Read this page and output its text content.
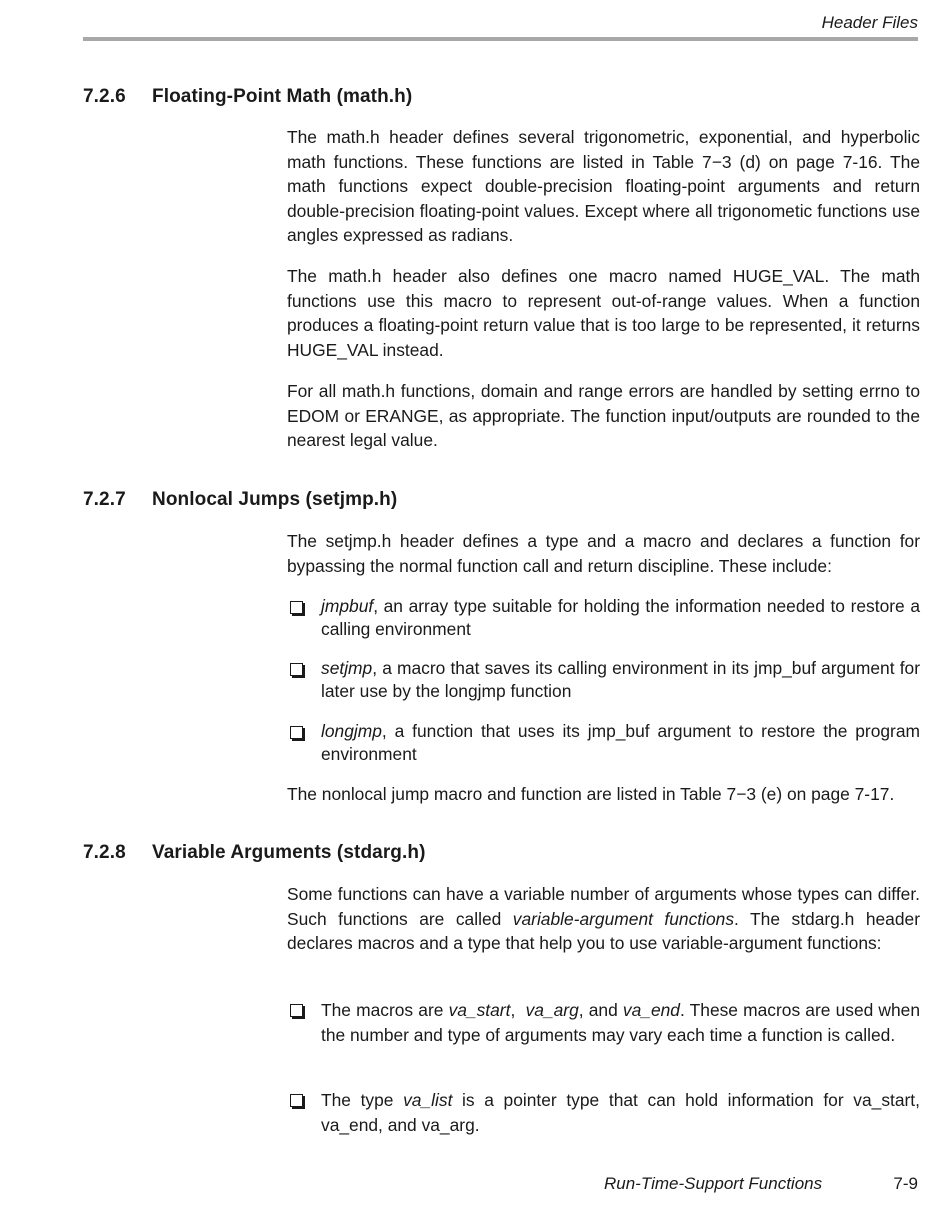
Header Files
7.2.6 Floating-Point Math (math.h)

The math.h header defines several trigonometric, exponential, and hyperbolic math functions. These functions are listed in Table 7−3 (d) on page 7-16. The math functions expect double-precision floating-point arguments and return double-precision floating-point values. Except where all trigonometic functions use angles expressed as radians.

The math.h header also defines one macro named HUGE_VAL. The math functions use this macro to represent out-of-range values. When a function produces a floating-point return value that is too large to be represented, it returns HUGE_VAL instead.

For all math.h functions, domain and range errors are handled by setting errno to EDOM or ERANGE, as appropriate. The function input/outputs are rounded to the nearest legal value.

7.2.7 Nonlocal Jumps (setjmp.h)

The setjmp.h header defines a type and a macro and declares a function for bypassing the normal function call and return discipline. These include:

jmpbuf, an array type suitable for holding the information needed to restore a calling environment

setjmp, a macro that saves its calling environment in its jmp_buf argument for later use by the longjmp function

longjmp, a function that uses its jmp_buf argument to restore the program environment

The nonlocal jump macro and function are listed in Table 7−3 (e) on page 7-17.

7.2.8 Variable Arguments (stdarg.h)

Some functions can have a variable number of arguments whose types can differ. Such functions are called variable-argument functions. The stdarg.h header declares macros and a type that help you to use variable-argument functions:

The macros are va_start,  va_arg, and va_end. These macros are used when the number and type of arguments may vary each time a function is called.

The type va_list is a pointer type that can hold information for va_start, va_end, and va_arg.

Run-Time-Support Functions	7-9
